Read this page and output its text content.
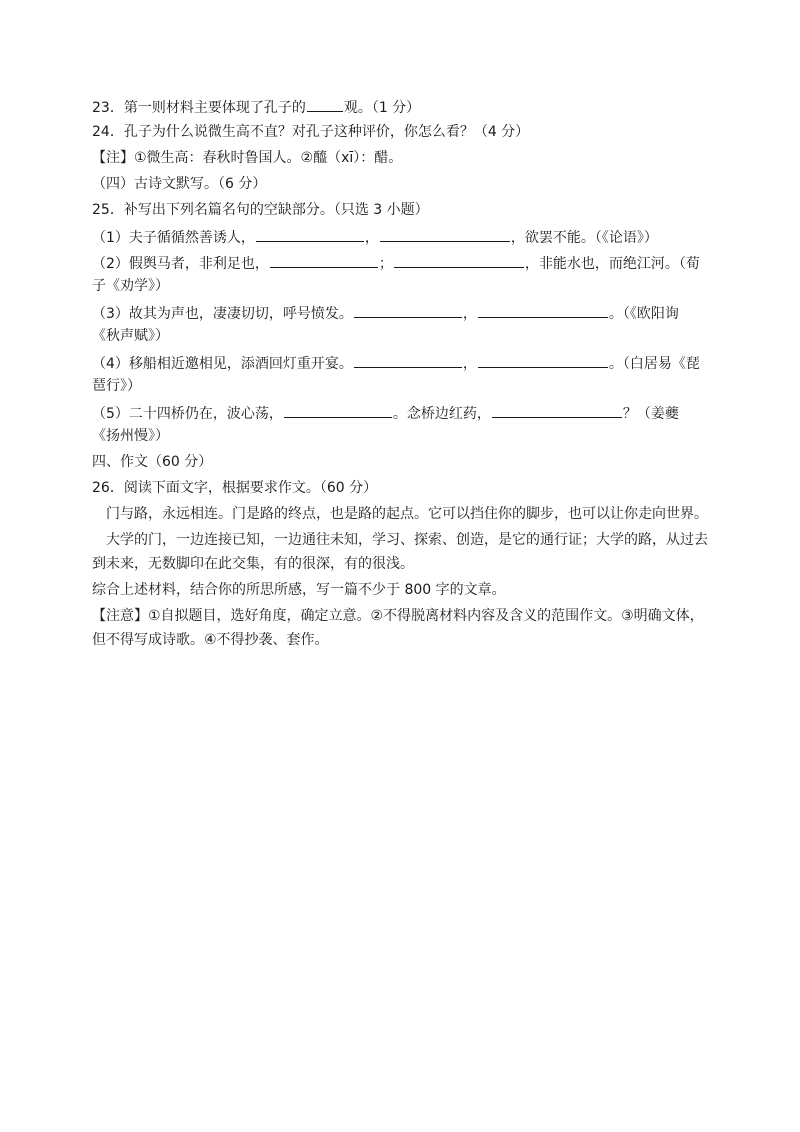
23．第一则材料主要体现了孔子的	观。（1 分）
24．孔子为什么说微生高不直？对孔子这种评价，你怎么看？（4 分）
【注】①微生高：春秋时鲁国人。②醯（xī）：醋。
（四）古诗文默写。（6 分）
25．补写出下列名篇名句的空缺部分。（只选 3 小题）
（1）夫子循循然善诱人，	，	，欲罢不能。（《论语》）
（2）假舆马者，非利足也，	；	，非能水也，而绝江河。（荀
子《劝学》）
（3）故其为声也，凄凄切切，呼号愤发。	，	。（《欧阳询
《秋声赋》）
（4）移船相近邀相见，添酒回灯重开宴。	，	。（白居易《琵
琶行》）
（5）二十四桥仍在，波心荡，	。念桥边红药，	？（姜夔
《扬州慢》）
四、作文（60 分）
26．阅读下面文字，根据要求作文。（60 分）
门与路，永远相连。门是路的终点，也是路的起点。它可以挡住你的脚步，也可以让你走向世界。
大学的门，一边连接已知，一边通往未知，学习、探索、创造，是它的通行证；大学的路，从过去
到未来，无数脚印在此交集，有的很深，有的很浅。
综合上述材料，结合你的所思所感，写一篇不少于 800 字的文章。
【注意】①自拟题目，选好角度，确定立意。②不得脱离材料内容及含义的范围作文。③明确文体，
但不得写成诗歌。④不得抄袭、套作。
